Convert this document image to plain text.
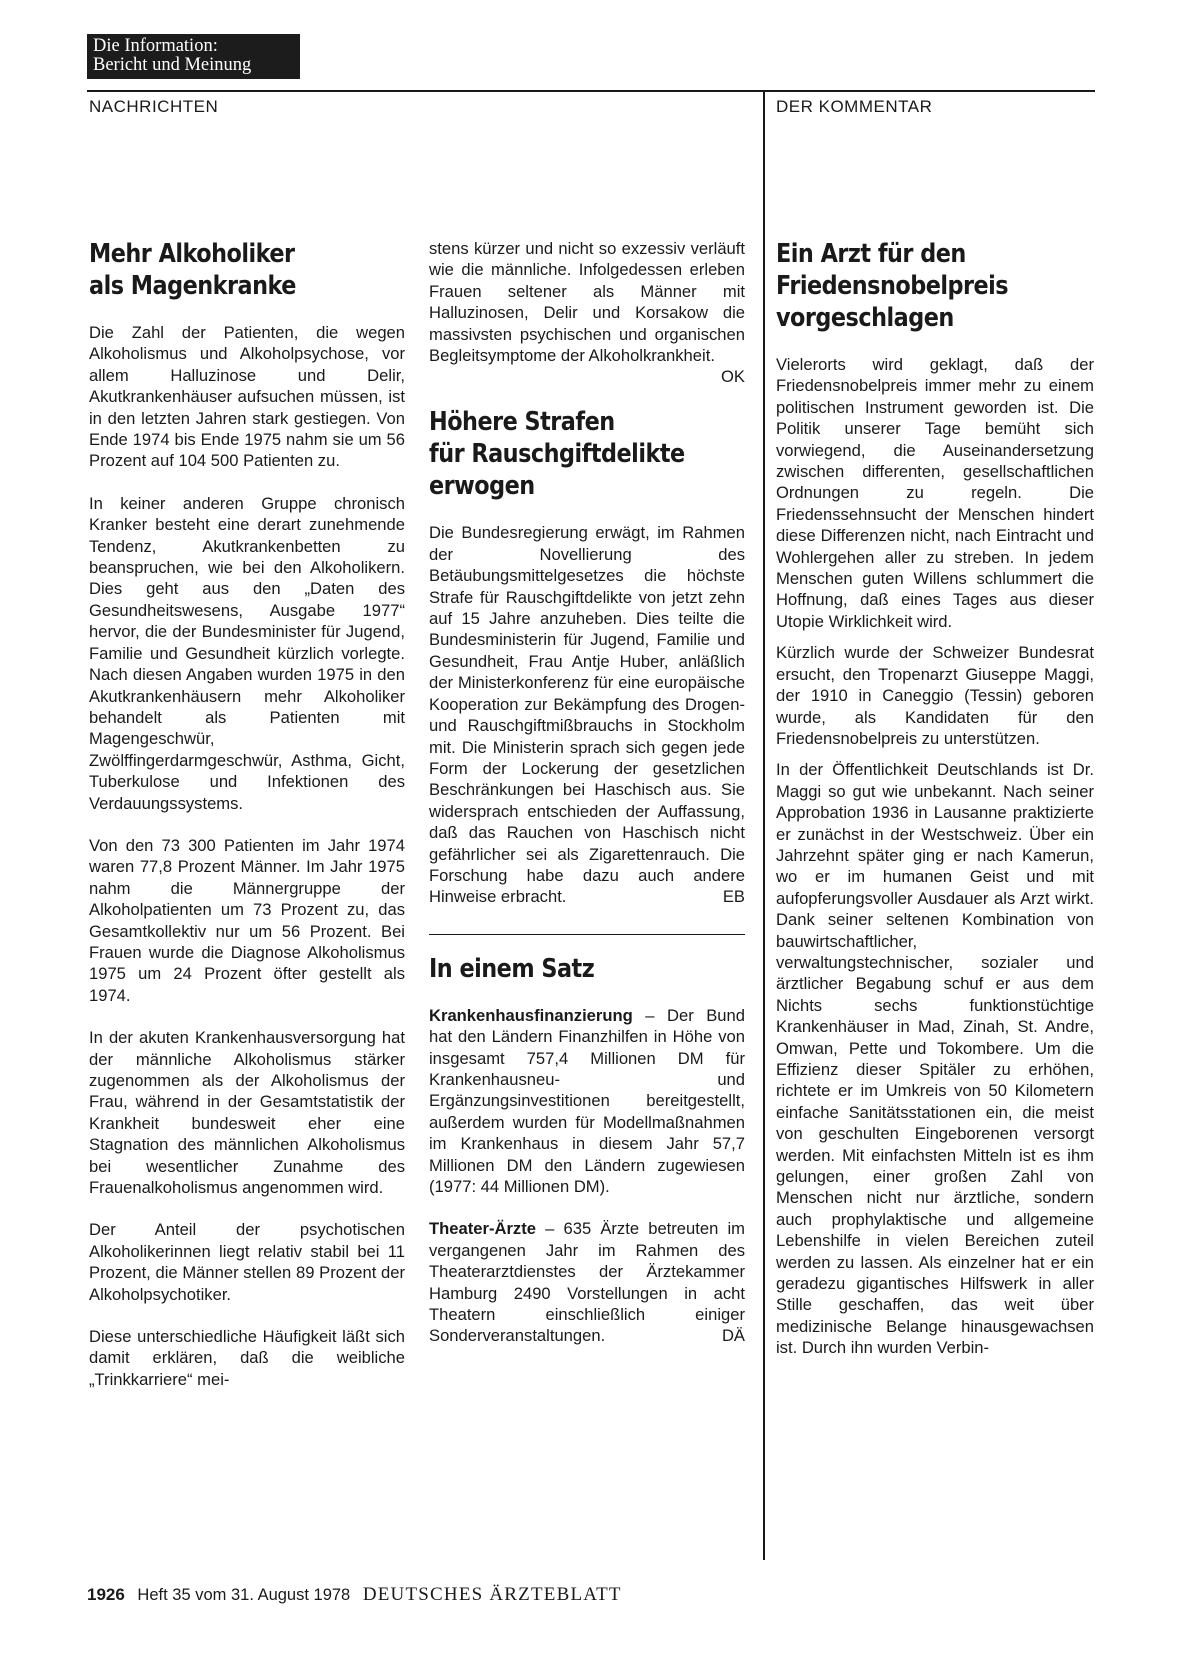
Die Information:
Bericht und Meinung
NACHRICHTEN	DER KOMMENTAR
Mehr Alkoholiker
als Magenkranke

Die Zahl der Patienten, die wegen Alkoholismus und Alkoholpsychose, vor allem Halluzinose und Delir, Akutkrankenhäuser aufsuchen müssen, ist in den letzten Jahren stark gestiegen. Von Ende 1974 bis Ende 1975 nahm sie um 56 Prozent auf 104 500 Patienten zu.

In keiner anderen Gruppe chronisch Kranker besteht eine derart zunehmende Tendenz, Akutkrankenbetten zu beanspruchen, wie bei den Alkoholikern. Dies geht aus den „Daten des Gesundheitswesens, Ausgabe 1977“ hervor, die der Bundesminister für Jugend, Familie und Gesundheit kürzlich vorlegte. Nach diesen Angaben wurden 1975 in den Akutkrankenhäusern mehr Alkoholiker behandelt als Patienten mit Magengeschwür, Zwölffingerdarmgeschwür, Asthma, Gicht, Tuberkulose und Infektionen des Verdauungssystems.

Von den 73 300 Patienten im Jahr 1974 waren 77,8 Prozent Männer. Im Jahr 1975 nahm die Männergruppe der Alkoholpatienten um 73 Prozent zu, das Gesamtkollektiv nur um 56 Prozent. Bei Frauen wurde die Diagnose Alkoholismus 1975 um 24 Prozent öfter gestellt als 1974.

In der akuten Krankenhausversorgung hat der männliche Alkoholismus stärker zugenommen als der Alkoholismus der Frau, während in der Gesamtstatistik der Krankheit bundesweit eher eine Stagnation des männlichen Alkoholismus bei wesentlicher Zunahme des Frauenalkoholismus angenommen wird.

Der Anteil der psychotischen Alkoholikerinnen liegt relativ stabil bei 11 Prozent, die Männer stellen 89 Prozent der Alkoholpsychotiker.

Diese unterschiedliche Häufigkeit läßt sich damit erklären, daß die weibliche „Trinkkarriere“ mei-

stens kürzer und nicht so exzessiv verläuft wie die männliche. Infolgedessen erleben Frauen seltener als Männer mit Halluzinosen, Delir und Korsakow die massivsten psychischen und organischen Begleitsymptome der Alkoholkrankheit.
OK

Höhere Strafen
für Rauschgiftdelikte
erwogen

Die Bundesregierung erwägt, im Rahmen der Novellierung des Betäubungsmittelgesetzes die höchste Strafe für Rauschgiftdelikte von jetzt zehn auf 15 Jahre anzuheben. Dies teilte die Bundesministerin für Jugend, Familie und Gesundheit, Frau Antje Huber, anläßlich der Ministerkonferenz für eine europäische Kooperation zur Bekämpfung des Drogen- und Rauschgiftmißbrauchs in Stockholm mit. Die Ministerin sprach sich gegen jede Form der Lockerung der gesetzlichen Beschränkungen bei Haschisch aus. Sie widersprach entschieden der Auffassung, daß das Rauchen von Haschisch nicht gefährlicher sei als Zigarettenrauch. Die Forschung habe dazu auch andere Hinweise erbracht.	EB

In einem Satz

Krankenhausfinanzierung – Der Bund hat den Ländern Finanzhilfen in Höhe von insgesamt 757,4 Millionen DM für Krankenhausneu- und Ergänzungsinvestitionen bereitgestellt, außerdem wurden für Modellmaßnahmen im Krankenhaus in diesem Jahr 57,7 Millionen DM den Ländern zugewiesen (1977: 44 Millionen DM).

Theater-Ärzte – 635 Ärzte betreuten im vergangenen Jahr im Rahmen des Theaterarztdienstes der Ärztekammer Hamburg 2490 Vorstellungen in acht Theatern einschließlich einiger Sonderveranstaltungen.	DÄ

Ein Arzt für den
Friedensnobelpreis
vorgeschlagen

Vielerorts wird geklagt, daß der Friedensnobelpreis immer mehr zu einem politischen Instrument geworden ist. Die Politik unserer Tage bemüht sich vorwiegend, die Auseinandersetzung zwischen differenten, gesellschaftlichen Ordnungen zu regeln. Die Friedenssehnsucht der Menschen hindert diese Differenzen nicht, nach Eintracht und Wohlergehen aller zu streben. In jedem Menschen guten Willens schlummert die Hoffnung, daß eines Tages aus dieser Utopie Wirklichkeit wird.

Kürzlich wurde der Schweizer Bundesrat ersucht, den Tropenarzt Giuseppe Maggi, der 1910 in Caneggio (Tessin) geboren wurde, als Kandidaten für den Friedensnobelpreis zu unterstützen.

In der Öffentlichkeit Deutschlands ist Dr. Maggi so gut wie unbekannt. Nach seiner Approbation 1936 in Lausanne praktizierte er zunächst in der Westschweiz. Über ein Jahrzehnt später ging er nach Kamerun, wo er im humanen Geist und mit aufopferungsvoller Ausdauer als Arzt wirkt. Dank seiner seltenen Kombination von bauwirtschaftlicher, verwaltungstechnischer, sozialer und ärztlicher Begabung schuf er aus dem Nichts sechs funktionstüchtige Krankenhäuser in Mad, Zinah, St. Andre, Omwan, Pette und Tokombere. Um die Effizienz dieser Spitäler zu erhöhen, richtete er im Umkreis von 50 Kilometern einfache Sanitätsstationen ein, die meist von geschulten Eingeborenen versorgt werden. Mit einfachsten Mitteln ist es ihm gelungen, einer großen Zahl von Menschen nicht nur ärztliche, sondern auch prophylaktische und allgemeine Lebenshilfe in vielen Bereichen zuteil werden zu lassen. Als einzelner hat er ein geradezu gigantisches Hilfswerk in aller Stille geschaffen, das weit über medizinische Belange hinausgewachsen ist. Durch ihn wurden Verbin-

1926 Heft 35 vom 31. August 1978 DEUTSCHES ÄRZTEBLATT
